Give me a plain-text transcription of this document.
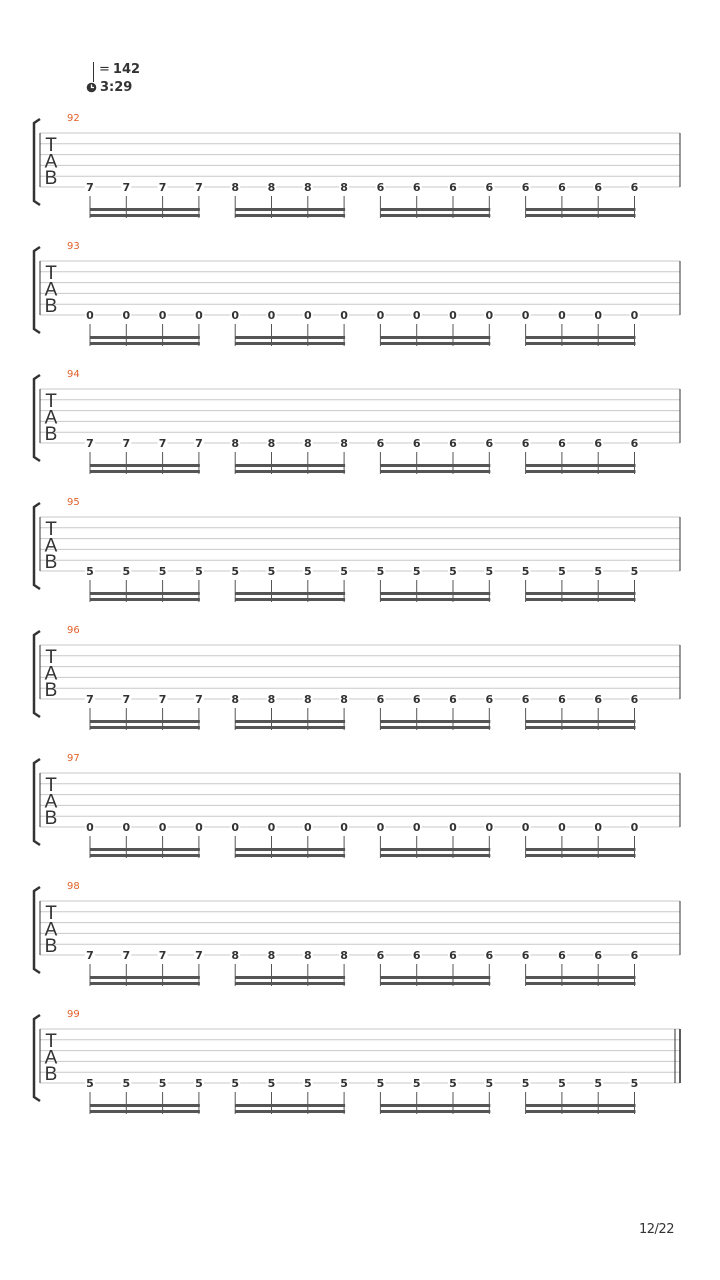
= 142
3:29
92
T
A
B	7	7	7	7	8	8	8	8	6	6	6	6	6	6	6	6
93
T
A
B	0	0	0	0	0	0	0	0	0	0	0	0	0	0	0	0
94
T
A
B	7	7	7	7	8	8	8	8	6	6	6	6	6	6	6	6
95
T
A
B	5	5	5	5	5	5	5	5	5	5	5	5	5	5	5	5
96
T
A
B	7	7	7	7	8	8	8	8	6	6	6	6	6	6	6	6
97
T
A
B	0	0	0	0	0	0	0	0	0	0	0	0	0	0	0	0
98
T
A
B	7	7	7	7	8	8	8	8	6	6	6	6	6	6	6	6
99
T
A
B	5	5	5	5	5	5	5	5	5	5	5	5	5	5	5	5
12/22
